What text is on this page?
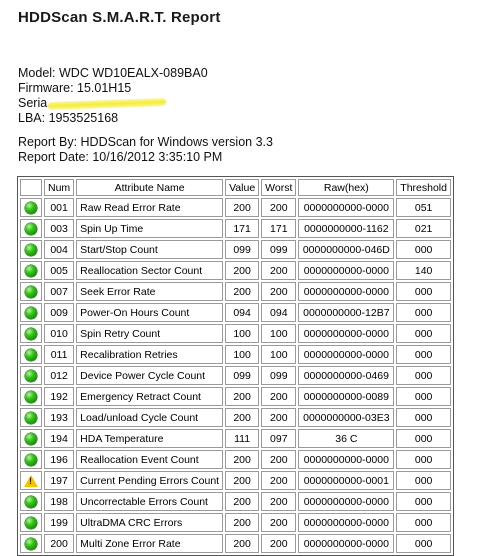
HDDScan S.M.A.R.T. Report
Model: WDC WD10EALX-089BA0
Firmware: 15.01H15
Seria
LBA: 1953525168
Report By: HDDScan for Windows version 3.3
Report Date: 10/16/2012 3:35:10 PM
	Num	Attribute Name	Value	Worst	Raw(hex)	Threshold
	001	Raw Read Error Rate	200	200	0000000000-0000	051
	003	Spin Up Time	171	171	0000000000-1162	021
	004	Start/Stop Count	099	099	0000000000-046D	000
	005	Reallocation Sector Count	200	200	0000000000-0000	140
	007	Seek Error Rate	200	200	0000000000-0000	000
	009	Power-On Hours Count	094	094	0000000000-12B7	000
	010	Spin Retry Count	100	100	0000000000-0000	000
	011	Recalibration Retries	100	100	0000000000-0000	000
	012	Device Power Cycle Count	099	099	0000000000-0469	000
	192	Emergency Retract Count	200	200	0000000000-0089	000
	193	Load/unload Cycle Count	200	200	0000000000-03E3	000
	194	HDA Temperature	111	097	36 C	000
	196	Reallocation Event Count	200	200	0000000000-0000	000
!	197	Current Pending Errors Count	200	200	0000000000-0001	000
	198	Uncorrectable Errors Count	200	200	0000000000-0000	000
	199	UltraDMA CRC Errors	200	200	0000000000-0000	000
	200	Multi Zone Error Rate	200	200	0000000000-0000	000
